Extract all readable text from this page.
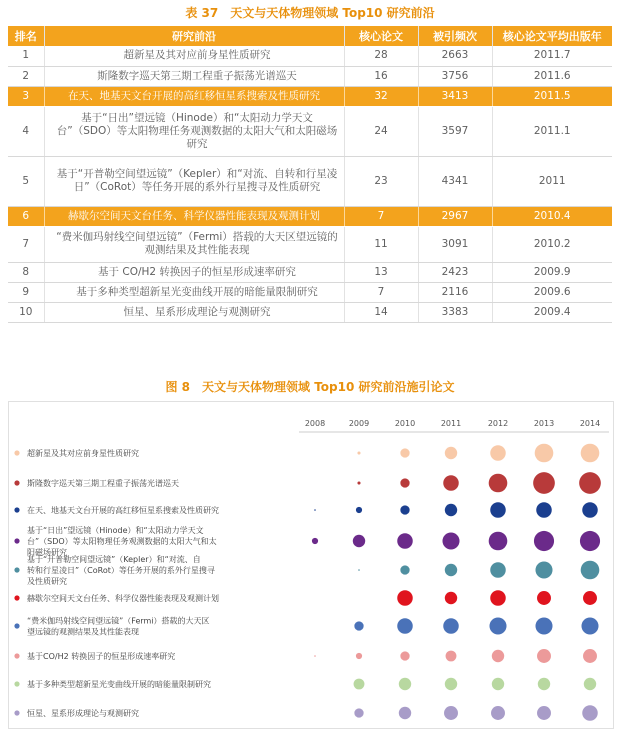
表 37　天文与天体物理领域 Top10 研究前沿
排名	研究前沿	核心论文	被引频次	核心论文平均出版年
1	超新星及其对应前身星性质研究	28	2663	2011.7
2	斯隆数字巡天第三期工程重子振荡光谱巡天	16	3756	2011.6
3	在天、地基天文台开展的高红移恒星系搜索及性质研究	32	3413	2011.5
4	基于“日出”望远镜（Hinode）和“太阳动力学天文台”（SDO）等太阳物理任务观测数据的太阳大气和太阳磁场研究	24	3597	2011.1
5	基于“开普勒空间望远镜”（Kepler）和“对流、自转和行星凌日”（CoRot）等任务开展的系外行星搜寻及性质研究	23	4341	2011
6	赫歇尔空间天文台任务、科学仪器性能表现及观测计划	7	2967	2010.4
7	“费米伽玛射线空间望远镜”（Fermi）搭载的大天区望远镜的观测结果及其性能表现	11	3091	2010.2
8	基于 CO/H2 转换因子的恒星形成速率研究	13	2423	2009.9
9	基于多种类型超新星光变曲线开展的暗能量限制研究	7	2116	2009.6
10	恒星、星系形成理论与观测研究	14	3383	2009.4
图 8　天文与天体物理领域 Top10 研究前沿施引论文
2008	2009	2010	2011	2012	2013	2014
超新星及其对应前身星性质研究
斯隆数字巡天第三期工程重子振荡光谱巡天
在天、地基天文台开展的高红移恒星系搜索及性质研究
基于“日出”望远镜（Hinode）和“太阳动力学天文台”（SDO）等太阳物理任务观测数据的太阳大气和太阳磁场研究
基于“开普勒空间望远镜”（Kepler）和“对流、自转和行星凌日”（CoRot）等任务开展的系外行星搜寻及性质研究
赫歇尔空间天文台任务、科学仪器性能表现及观测计划
“费米伽玛射线空间望远镜”（Fermi）搭载的大天区望远镜的观测结果及其性能表现
基于CO/H2 转换因子的恒星形成速率研究
基于多种类型超新星光变曲线开展的暗能量限制研究
恒星、星系形成理论与观测研究
